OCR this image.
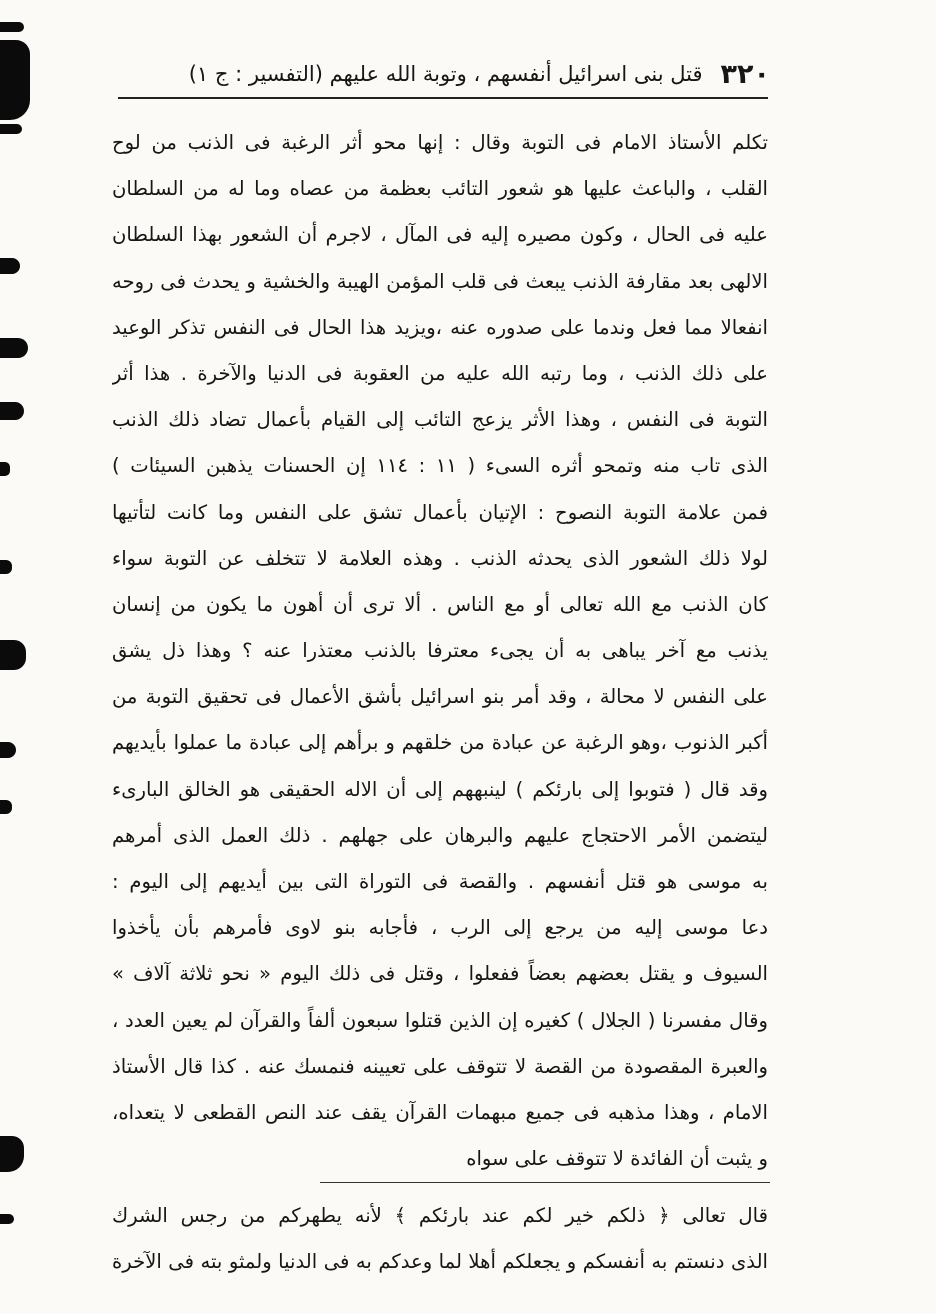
٣٢٠
قتل بنى اسرائيل أنفسهم ، وتوبة الله عليهم (التفسير : ج ١)
تكلم الأستاذ الامام فى التوبة وقال : إنها محو أثر الرغبة فى الذنب من لوح
القلب ، والباعث عليها هو شعور التائب بعظمة من عصاه وما له من السلطان
عليه فى الحال ، وكون مصيره إليه فى المآل ، لاجرم أن الشعور بهذا السلطان
الالهى بعد مقارفة الذنب يبعث فى قلب المؤمن الهيبة والخشية و يحدث فى روحه
انفعالا مما فعل وندما على صدوره عنه ،ويزيد هذا الحال فى النفس تذكر الوعيد
على ذلك الذنب ، وما رتبه الله عليه من العقوبة فى الدنيا والآخرة . هذا أثر
التوبة فى النفس ، وهذا الأثر يزعج التائب إلى القيام بأعمال تضاد ذلك الذنب
الذى تاب منه وتمحو أثره السىء ( ١١ : ١١٤ إن الحسنات يذهبن السيئات )
فمن علامة التوبة النصوح : الإتيان بأعمال تشق على النفس وما كانت لتأتيها
لولا ذلك الشعور الذى يحدثه الذنب . وهذه العلامة لا تتخلف عن التوبة سواء
كان الذنب مع الله تعالى أو مع الناس . ألا ترى أن أهون ما يكون من إنسان
يذنب مع آخر يباهى به أن يجىء معترفا بالذنب معتذرا عنه ؟ وهذا ذل يشق
على النفس لا محالة ، وقد أمر بنو اسرائيل بأشق الأعمال فى تحقيق التوبة من
أكبر الذنوب ،وهو الرغبة عن عبادة من خلقهم و برأهم إلى عبادة ما عملوا بأيديهم
وقد قال ( فتوبوا إلى بارئكم ) لينبههم إلى أن الاله الحقيقى هو الخالق البارىء
ليتضمن الأمر الاحتجاج عليهم والبرهان على جهلهم . ذلك العمل الذى أمرهم
به موسى هو قتل أنفسهم . والقصة فى التوراة التى بين أيديهم إلى اليوم :
دعا موسى إليه من يرجع إلى الرب ، فأجابه بنو لاوى فأمرهم بأن يأخذوا
السيوف و يقتل بعضهم بعضاً ففعلوا ، وقتل فى ذلك اليوم « نحو ثلاثة آلاف »
وقال مفسرنا ( الجلال ) كغيره إن الذين قتلوا سبعون ألفاً والقرآن لم يعين العدد ،
والعبرة المقصودة من القصة لا تتوقف على تعيينه فنمسك عنه . كذا قال الأستاذ
الامام ، وهذا مذهبه فى جميع مبهمات القرآن يقف عند النص القطعى لا يتعداه،
و يثبت أن الفائدة لا تتوقف على سواه
قال تعالى ﴿ ذلكم خير لكم عند بارئكم ﴾ لأنه يطهركم من رجس الشرك
الذى دنستم به أنفسكم و يجعلكم أهلا لما وعدكم به فى الدنيا ولمثو بته فى الآخرة
